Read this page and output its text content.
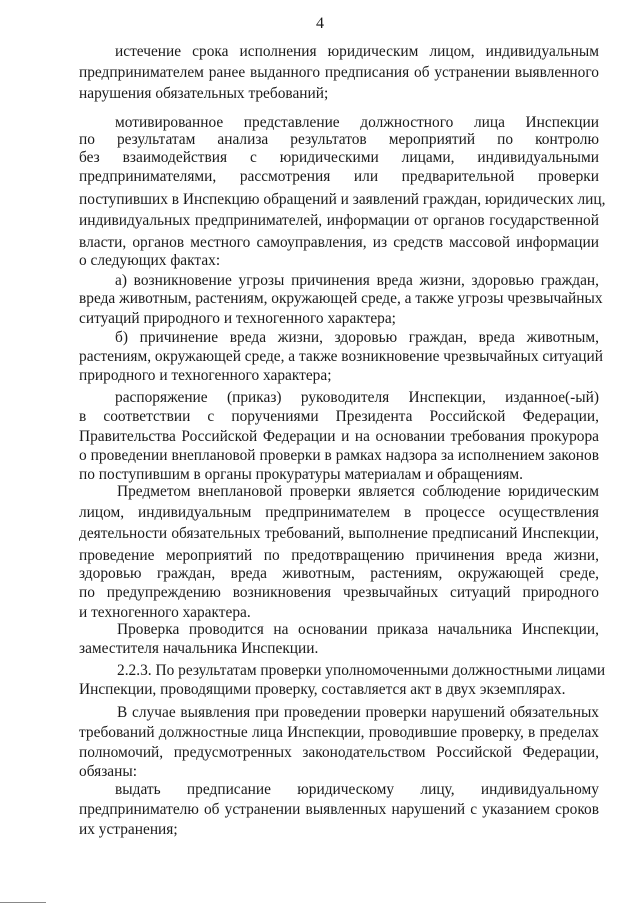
4
истечение срока исполнения юридическим лицом, индивидуальным
предпринимателем ранее выданного предписания об устранении выявленного
нарушения обязательных требований;
мотивированное представление должностного лица Инспекции
по результатам анализа результатов мероприятий по контролю
без взаимодействия с юридическими лицами, индивидуальными
предпринимателями, рассмотрения или предварительной проверки
поступивших в Инспекцию обращений и заявлений граждан, юридических лиц,
индивидуальных предпринимателей, информации от органов государственной
власти, органов местного самоуправления, из средств массовой информации
о следующих фактах:
а) возникновение угрозы причинения вреда жизни, здоровью граждан,
вреда животным, растениям, окружающей среде, а также угрозы чрезвычайных
ситуаций природного и техногенного характера;
б) причинение вреда жизни, здоровью граждан, вреда животным,
растениям, окружающей среде, а также возникновение чрезвычайных ситуаций
природного и техногенного характера;
распоряжение (приказ) руководителя Инспекции, изданное(-ый)
в соответствии с поручениями Президента Российской Федерации,
Правительства Российской Федерации и на основании требования прокурора
о проведении внеплановой проверки в рамках надзора за исполнением законов
по поступившим в органы прокуратуры материалам и обращениям.
Предметом внеплановой проверки является соблюдение юридическим
лицом, индивидуальным предпринимателем в процессе осуществления
деятельности обязательных требований, выполнение предписаний Инспекции,
проведение мероприятий по предотвращению причинения вреда жизни,
здоровью граждан, вреда животным, растениям, окружающей среде,
по предупреждению возникновения чрезвычайных ситуаций природного
и техногенного характера.
Проверка проводится на основании приказа начальника Инспекции,
заместителя начальника Инспекции.
2.2.3. По результатам проверки уполномоченными должностными лицами
Инспекции, проводящими проверку, составляется акт в двух экземплярах.
В случае выявления при проведении проверки нарушений обязательных
требований должностные лица Инспекции, проводившие проверку, в пределах
полномочий, предусмотренных законодательством Российской Федерации,
обязаны:
выдать предписание юридическому лицу, индивидуальному
предпринимателю об устранении выявленных нарушений с указанием сроков
их устранения;
